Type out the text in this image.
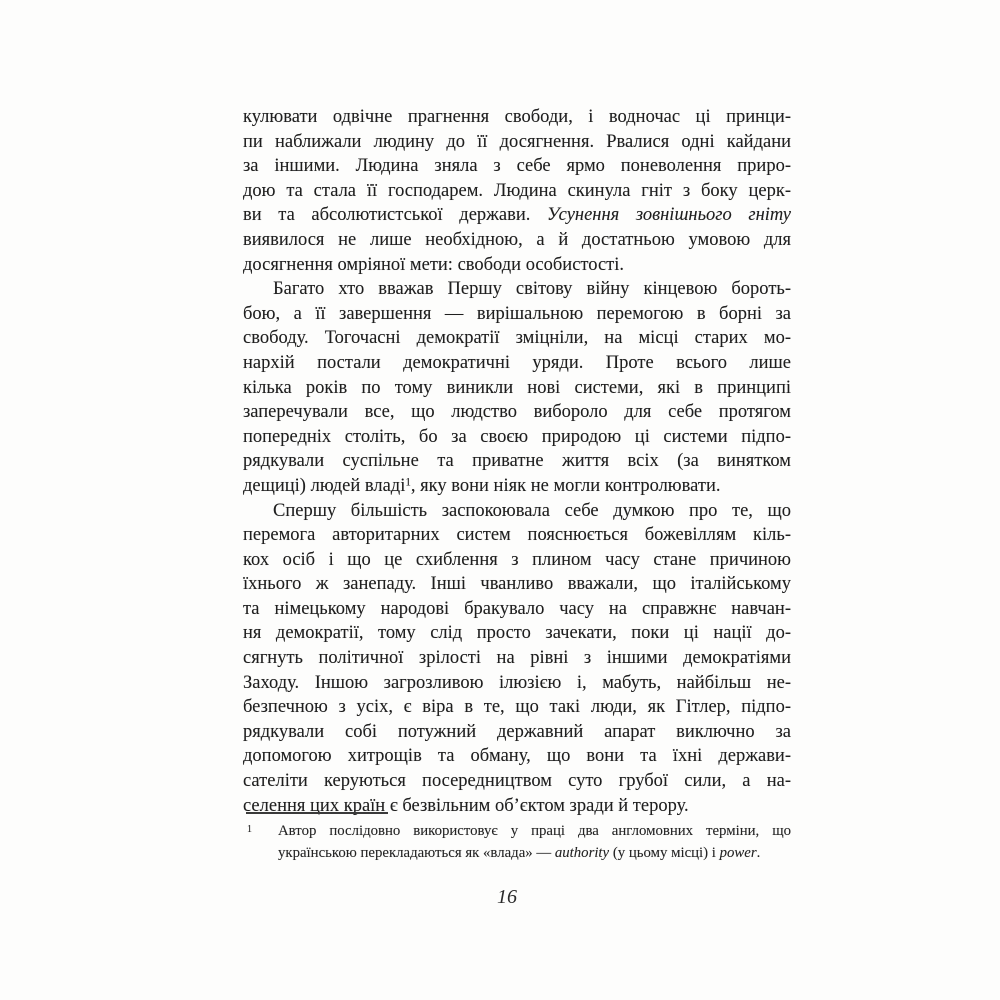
кулювати одвічне прагнення свободи, і водночас ці принци-
пи наближали людину до її досягнення. Рвалися одні кайдани
за іншими. Людина зняла з себе ярмо поневолення приро-
дою та стала її господарем. Людина скинула гніт з боку церк-
ви та абсолютистської держави. Усунення зовнішнього гніту
виявилося не лише необхідною, а й достатньою умовою для
досягнення омріяної мети: свободи особистості.
Багато хто вважав Першу світову війну кінцевою бороть-
бою, а її завершення — вирішальною перемогою в борні за
свободу. Тогочасні демократії зміцніли, на місці старих мо-
нархій постали демократичні уряди. Проте всього лише
кілька років по тому виникли нові системи, які в принципі
заперечували все, що людство вибороло для себе протягом
попередніх століть, бо за своєю природою ці системи підпо-
рядкували суспільне та приватне життя всіх (за винятком
дещиці) людей владі$^1$, яку вони ніяк не могли контролювати.
Спершу більшість заспокоювала себе думкою про те, що
перемога авторитарних систем пояснюється божевіллям кіль-
кох осіб і що це схиблення з плином часу стане причиною
їхнього ж занепаду. Інші чванливо вважали, що італійському
та німецькому народові бракувало часу на справжнє навчан-
ня демократії, тому слід просто зачекати, поки ці нації до-
сягнуть політичної зрілості на рівні з іншими демократіями
Заходу. Іншою загрозливою ілюзією і, мабуть, найбільш не-
безпечною з усіх, є віра в те, що такі люди, як Гітлер, підпо-
рядкували собі потужний державний апарат виключно за
допомогою хитрощів та обману, що вони та їхні держави-
сателіти керуються посередництвом суто грубої сили, а на-
селення цих країн є безвільним об’єктом зради й терору.
1 Автор послідовно використовує у праці два англомовних терміни, що
українською перекладаються як «влада» — authority (у цьому місці) і power.
16
